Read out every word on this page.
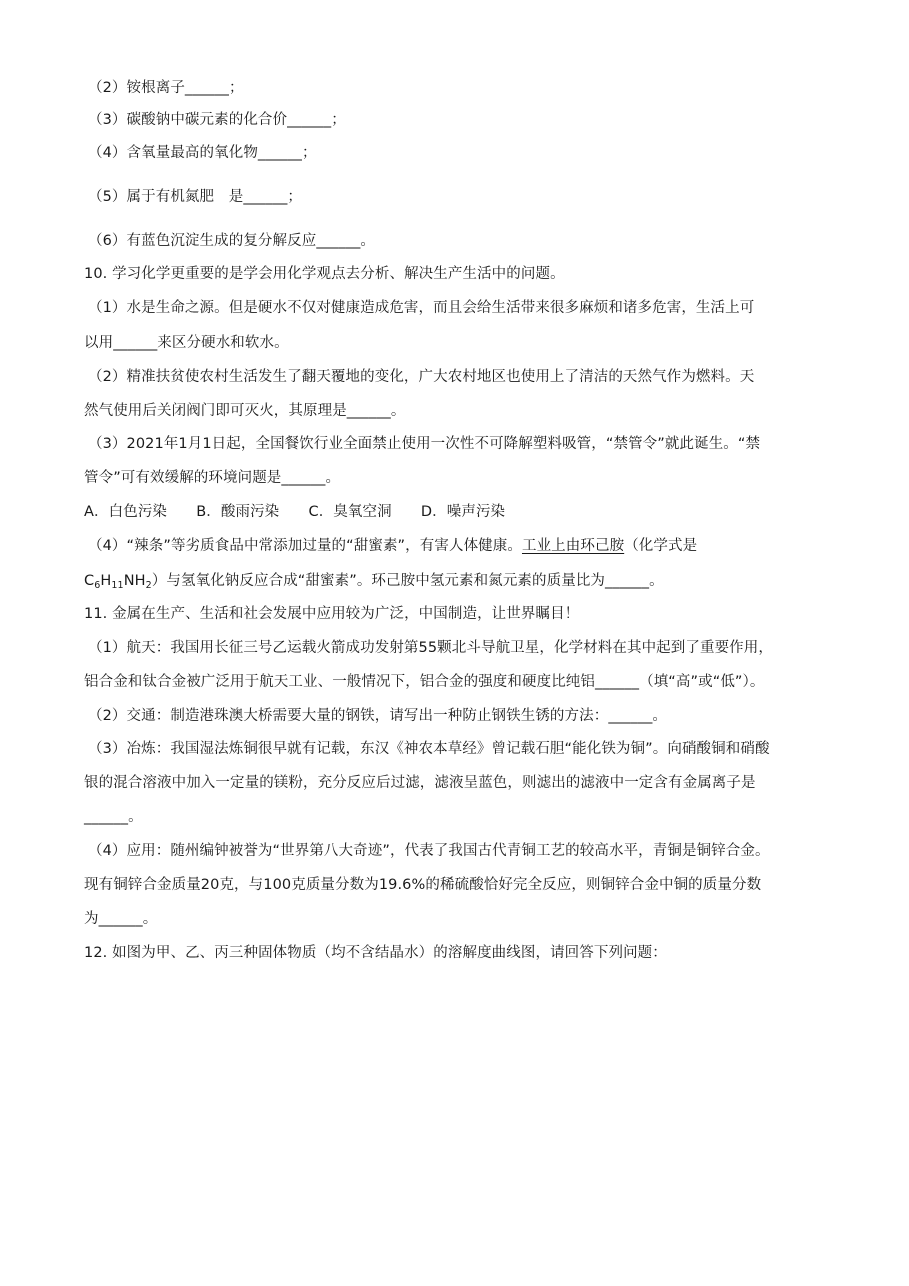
（2）铵根离子______；
（3）碳酸钠中碳元素的化合价______；
（4）含氧量最高的氧化物______；
（5）属于有机氮肥　是______；
（6）有蓝色沉淀生成的复分解反应______。
10. 学习化学更重要的是学会用化学观点去分析、解决生产生活中的问题。
（1）水是生命之源。但是硬水不仅对健康造成危害，而且会给生活带来很多麻烦和诸多危害，生活上可
以用______来区分硬水和软水。
（2）精准扶贫使农村生活发生了翻天覆地的变化，广大农村地区也使用上了清洁的天然气作为燃料。天
然气使用后关闭阀门即可灭火，其原理是______。
（3）2021年1月1日起，全国餐饮行业全面禁止使用一次性不可降解塑料吸管，“禁管令”就此诞生。“禁
管令”可有效缓解的环境问题是______。
A．白色污染　　B．酸雨污染　　C．臭氧空洞　　D．噪声污染
（4）“辣条”等劣质食品中常添加过量的“甜蜜素”，有害人体健康。工业上由环己胺（化学式是
$C_6H_{11}NH_2$）与氢氧化钠反应合成“甜蜜素”。环己胺中氢元素和氮元素的质量比为______。
11. 金属在生产、生活和社会发展中应用较为广泛，中国制造，让世界瞩目！
（1）航天：我国用长征三号乙运载火箭成功发射第55颗北斗导航卫星，化学材料在其中起到了重要作用，
铝合金和钛合金被广泛用于航天工业、一般情况下，铝合金的强度和硬度比纯铝______（填“高”或“低”）。
（2）交通：制造港珠澳大桥需要大量的钢铁，请写出一种防止钢铁生锈的方法：______。
（3）冶炼：我国湿法炼铜很早就有记载，东汉《神农本草经》曾记载石胆“能化铁为铜”。向硝酸铜和硝酸
银的混合溶液中加入一定量的镁粉，充分反应后过滤，滤液呈蓝色，则滤出的滤液中一定含有金属离子是
______。
（4）应用：随州编钟被誉为“世界第八大奇迹”，代表了我国古代青铜工艺的较高水平，青铜是铜锌合金。
现有铜锌合金质量20克，与100克质量分数为19.6%的稀硫酸恰好完全反应，则铜锌合金中铜的质量分数
为______。
12. 如图为甲、乙、丙三种固体物质（均不含结晶水）的溶解度曲线图，请回答下列问题：
